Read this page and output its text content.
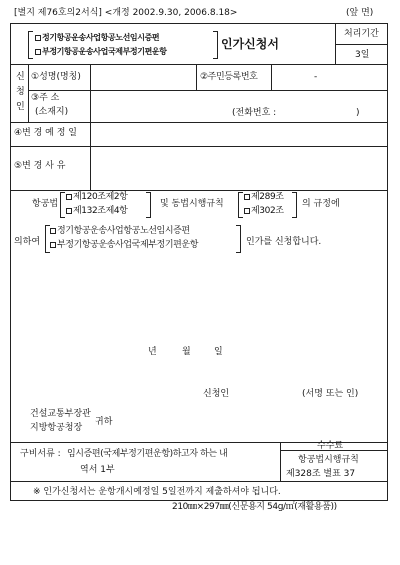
[별지 제76호의2서식] <개정 2002.9.30, 2006.8.18>	(앞 면)
정기항공운송사업항공노선임시증편
부정기항공운송사업국제부정기편운항
인가신청서
처리기간
3일
신
청
인
①성명(명칭)	②주민등록번호	-
③주 소
(소재지)	(전화번호 :	)
④변 경 예 정 일
⑤변 경 사 유
항공법
제120조제2항
제132조제4항
및 동법시행규칙
제289조
제302조
의 규정에
의하여
정기항공운송사업항공노선임시증편
부정기항공운송사업국제부정기편운항	인가를 신청합니다.
년	월	일
신청인	(서명 또는 인)
건설교통부장관
지방항공청장
귀하
구비서류 : 임시증편(국제부정기편운항)하고자 하는 내
역서 1부
수수료
항공법시행규칙
제328조 별표 37
※ 인가신청서는 운항개시예정일 5일전까지 제출하셔야 됩니다.
210㎜×297㎜(신문용지 54g/㎡(재활용품))
